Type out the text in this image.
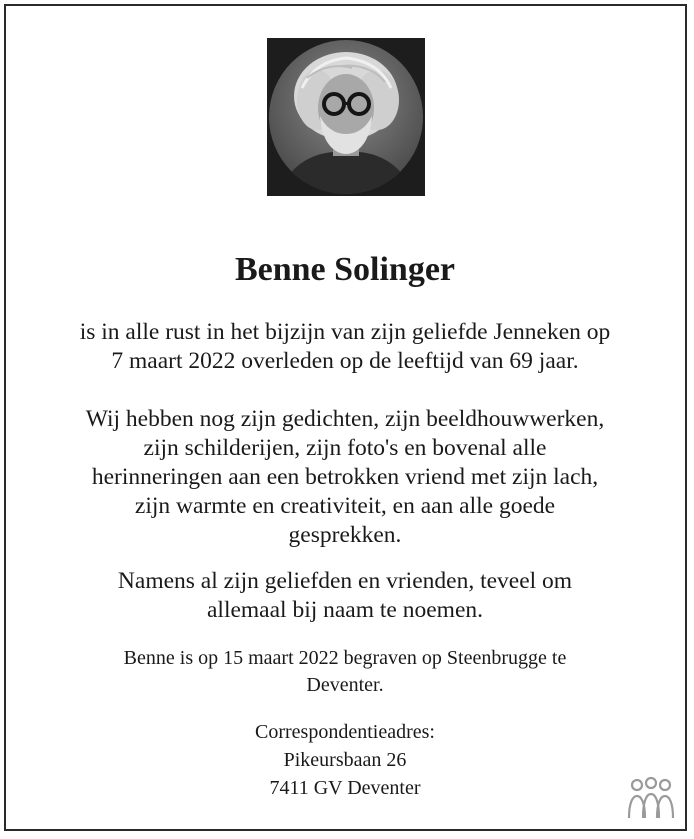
Benne Solinger
is in alle rust in het bijzijn van zijn geliefde Jenneken op
7 maart 2022 overleden op de leeftijd van 69 jaar.
Wij hebben nog zijn gedichten, zijn beeldhouwwerken,
zijn schilderijen, zijn foto's en bovenal alle
herinneringen aan een betrokken vriend met zijn lach,
zijn warmte en creativiteit, en aan alle goede
gesprekken.
Namens al zijn geliefden en vrienden, teveel om
allemaal bij naam te noemen.
Benne is op 15 maart 2022 begraven op Steenbrugge te
Deventer.
Correspondentieadres:
Pikeursbaan 26
7411 GV Deventer
